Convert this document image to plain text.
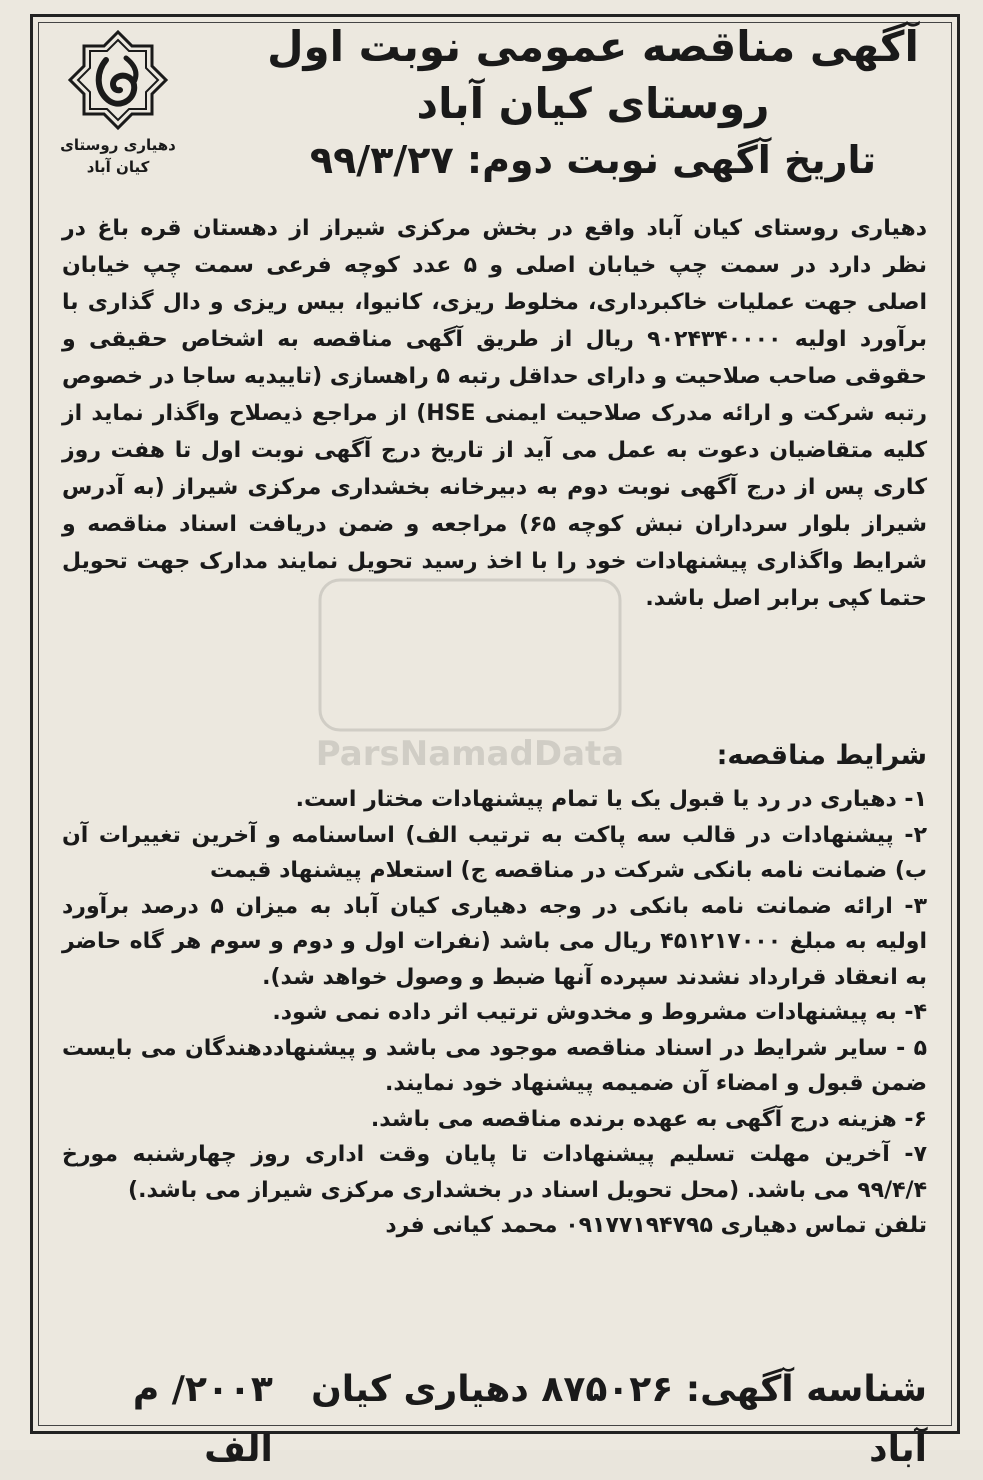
دهیاری روستای
کیان آباد
آگهی مناقصه عمومی نوبت اول
روستای کیان آباد
تاریخ آگهی نوبت دوم: ۹۹/۳/۲۷
ParsNamadData
دهیاری روستای کیان آباد واقع در بخش مرکزی شیراز از دهستان قره باغ در نظر دارد در سمت چپ خیابان اصلی و ۵ عدد کوچه فرعی سمت چپ خیابان اصلی جهت عملیات خاکبرداری، مخلوط ریزی، کانیوا، بیس ریزی و دال گذاری با برآورد اولیه ۹۰۲۴۳۴۰۰۰۰ ریال از طریق آگهی مناقصه به اشخاص حقیقی و حقوقی صاحب صلاحیت و دارای حداقل رتبه ۵ راهسازی (تاییدیه ساجا در خصوص رتبه شرکت و ارائه مدرک صلاحیت ایمنی HSE) از مراجع ذیصلاح واگذار نماید از کلیه متقاضیان دعوت به عمل می آید از تاریخ درج آگهی نوبت اول تا هفت روز کاری پس از درج آگهی نوبت دوم به دبیرخانه بخشداری مرکزی شیراز (به آدرس شیراز بلوار سرداران نبش کوچه ۶۵) مراجعه و ضمن دریافت اسناد مناقصه و شرایط واگذاری پیشنهادات خود را با اخذ رسید تحویل نمایند مدارک جهت تحویل حتما کپی برابر اصل باشد.
شرایط مناقصه:

۱- دهیاری در رد یا قبول یک یا تمام پیشنهادات مختار است.

۲- پیشنهادات در قالب سه پاکت به ترتیب الف) اساسنامه و آخرین تغییرات آن ب) ضمانت نامه بانکی شرکت در مناقصه ج) استعلام پیشنهاد قیمت

۳- ارائه ضمانت نامه بانکی در وجه دهیاری کیان آباد به میزان ۵ درصد برآورد اولیه به مبلغ ۴۵۱۲۱۷۰۰۰ ریال می باشد (نفرات اول و دوم و سوم هر گاه حاضر به انعقاد قرارداد نشدند سپرده آنها ضبط و وصول خواهد شد).

۴- به پیشنهادات مشروط و مخدوش ترتیب اثر داده نمی شود.

۵ - سایر شرایط در اسناد مناقصه موجود می باشد و پیشنهاددهندگان می بایست ضمن قبول و امضاء آن ضمیمه پیشنهاد خود نمایند.

۶- هزینه درج آگهی به عهده برنده مناقصه می باشد.

۷- آخرین مهلت تسلیم پیشنهادات تا پایان وقت اداری روز چهارشنبه مورخ ۹۹/۴/۴ می باشد. (محل تحویل اسناد در بخشداری مرکزی شیراز می باشد.)

تلفن تماس دهیاری ۰۹۱۷۷۱۹۴۷۹۵ محمد کیانی فرد

شناسه آگهی: ۸۷۵۰۲۶ دهیاری کیان آباد
۲۰۰۳/ م الف
